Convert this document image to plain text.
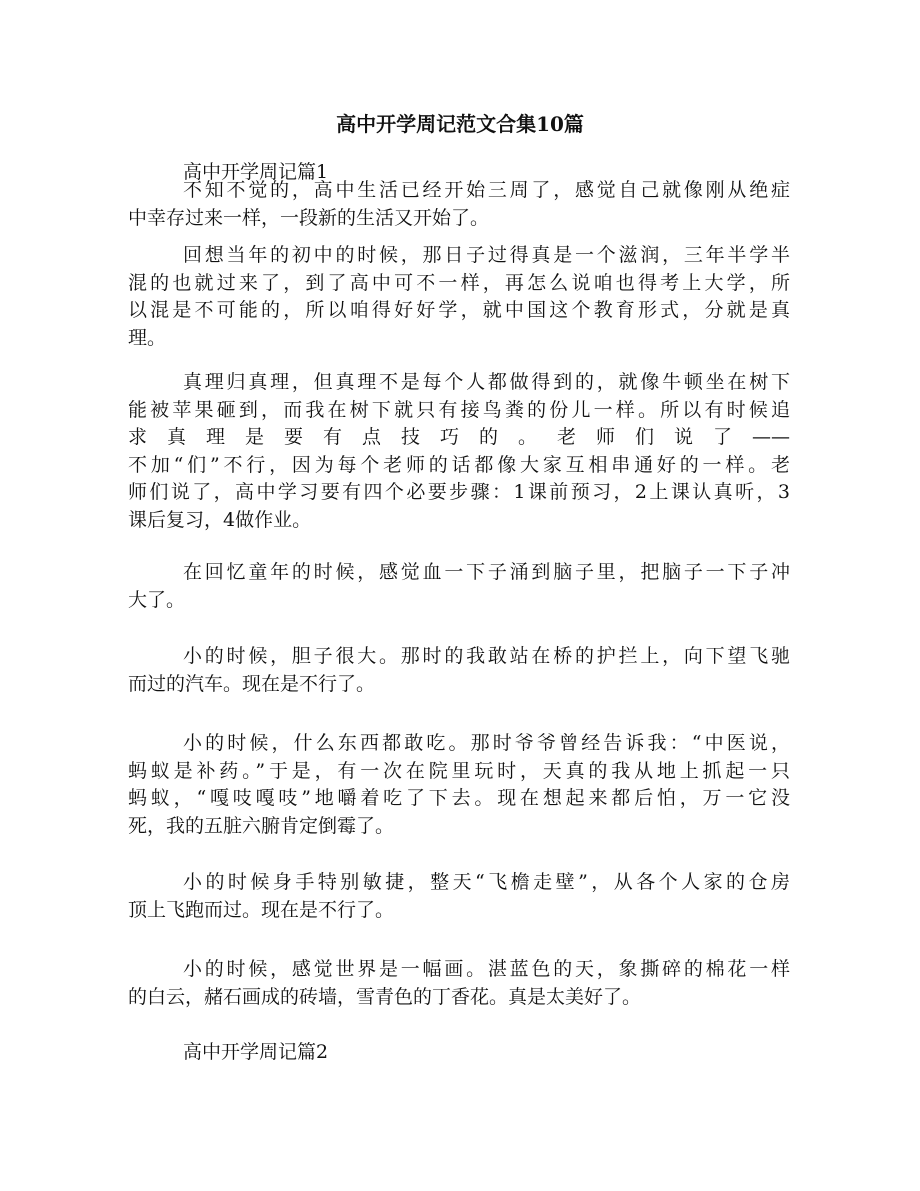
高中开学周记范文合集10篇
高中开学周记篇1
高中开学周记篇2
不知不觉的，高中生活已经开始三周了，感觉自己就像刚从绝症
中幸存过来一样，一段新的生活又开始了。
回想当年的初中的时候，那日子过得真是一个滋润，三年半学半
混的也就过来了，到了高中可不一样，再怎么说咱也得考上大学，所
以混是不可能的，所以咱得好好学，就中国这个教育形式，分就是真
理。
真理归真理，但真理不是每个人都做得到的，就像牛顿坐在树下
能被苹果砸到，而我在树下就只有接鸟粪的份儿一样。所以有时候追
求真理是要有点技巧的。老师们说了——
不加“们”不行，因为每个老师的话都像大家互相串通好的一样。老
师们说了，高中学习要有四个必要步骤：1课前预习，2上课认真听，3
课后复习，4做作业。
在回忆童年的时候，感觉血一下子涌到脑子里，把脑子一下子冲
大了。
小的时候，胆子很大。那时的我敢站在桥的护拦上，向下望飞驰
而过的汽车。现在是不行了。
小的时候，什么东西都敢吃。那时爷爷曾经告诉我：“中医说，
蚂蚁是补药。”于是，有一次在院里玩时，天真的我从地上抓起一只
蚂蚁，“嘎吱嘎吱”地嚼着吃了下去。现在想起来都后怕，万一它没
死，我的五脏六腑肯定倒霉了。
小的时候身手特别敏捷，整天“飞檐走壁”，从各个人家的仓房
顶上飞跑而过。现在是不行了。
小的时候，感觉世界是一幅画。湛蓝色的天，象撕碎的棉花一样
的白云，赭石画成的砖墙，雪青色的丁香花。真是太美好了。
